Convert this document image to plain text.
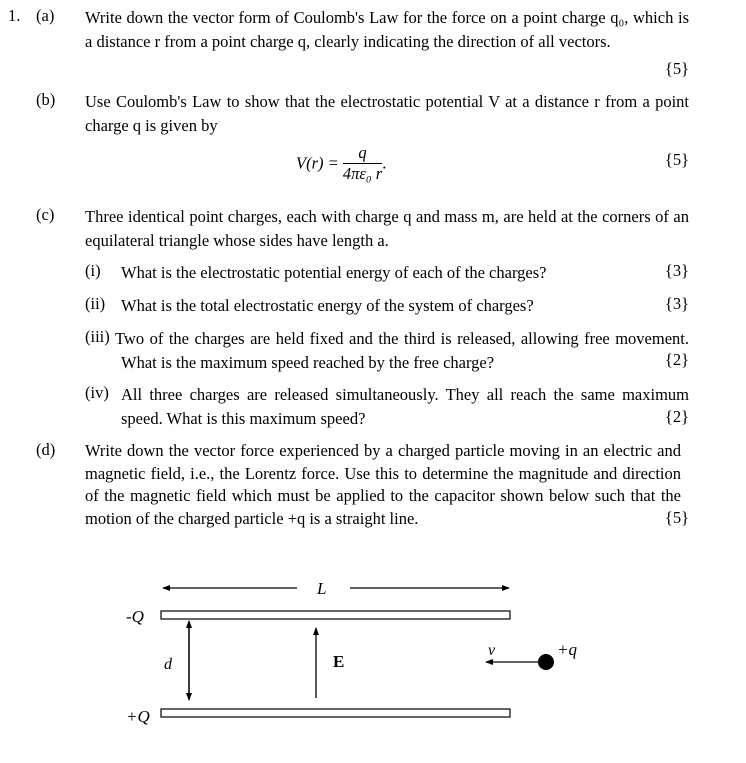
1. (a) Write down the vector form of Coulomb's Law for the force on a point charge q₀, which is a distance r from a point charge q, clearly indicating the direction of all vectors.
{5}
(b) Use Coulomb's Law to show that the electrostatic potential V at a distance r from a point charge q is given by
$V(r) = \frac{q}{\text{4πε₀ r}}$ .	{5}
(c) Three identical point charges, each with charge q and mass m, are held at the corners of an equilateral triangle whose sides have length a.
(i) What is the electrostatic potential energy of each of the charges?	{3}
(ii) What is the total electrostatic energy of the system of charges?	{3}
(iii) Two of the charges are held fixed and the third is released, allowing free movement. What is the maximum speed reached by the free charge?	{2}
(iv) All three charges are released simultaneously. They all reach the same maximum speed. What is this maximum speed?	{2}
(d) Write down the vector force experienced by a charged particle moving in an electric and magnetic field, i.e., the Lorentz force. Use this to determine the magnitude and direction of the magnetic field which must be applied to the capacitor shown below such that the motion of the charged particle +q is a straight line.	{5}
L
-Q
+Q
d	E
v	+q
